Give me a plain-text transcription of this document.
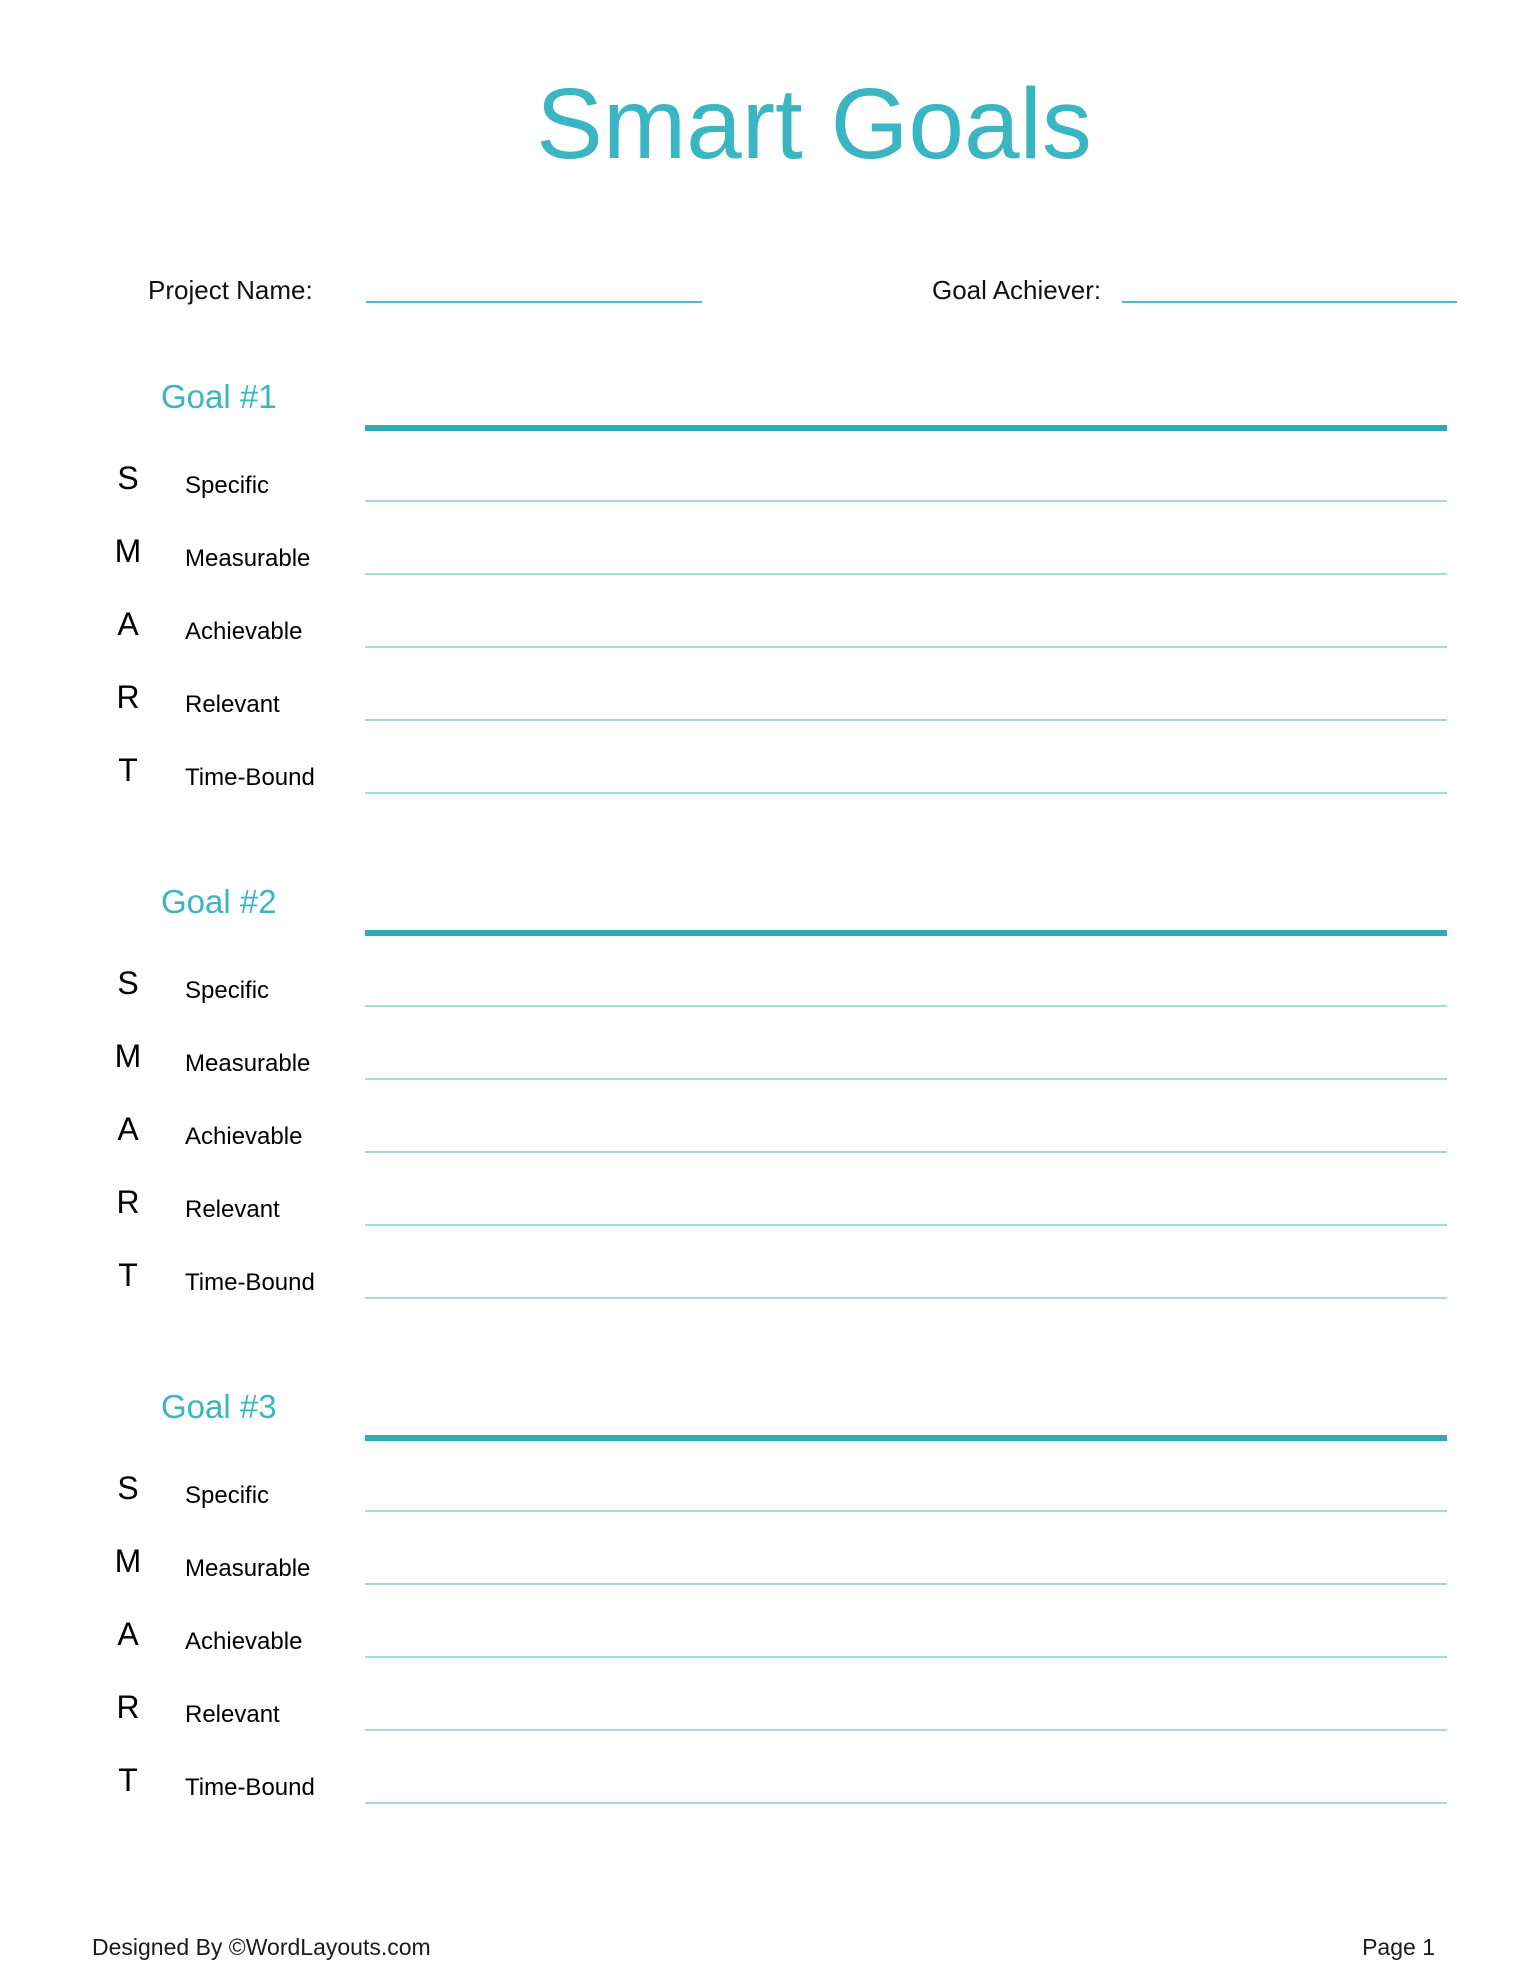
Smart Goals
Project Name:	Goal Achiever:
Goal #1
S	Specific
M	Measurable
A	Achievable
R	Relevant
T	Time-Bound
Goal #2
S	Specific
M	Measurable
A	Achievable
R	Relevant
T	Time-Bound
Goal #3
S	Specific
M	Measurable
A	Achievable
R	Relevant
T	Time-Bound
Designed By ©WordLayouts.com	Page 1
